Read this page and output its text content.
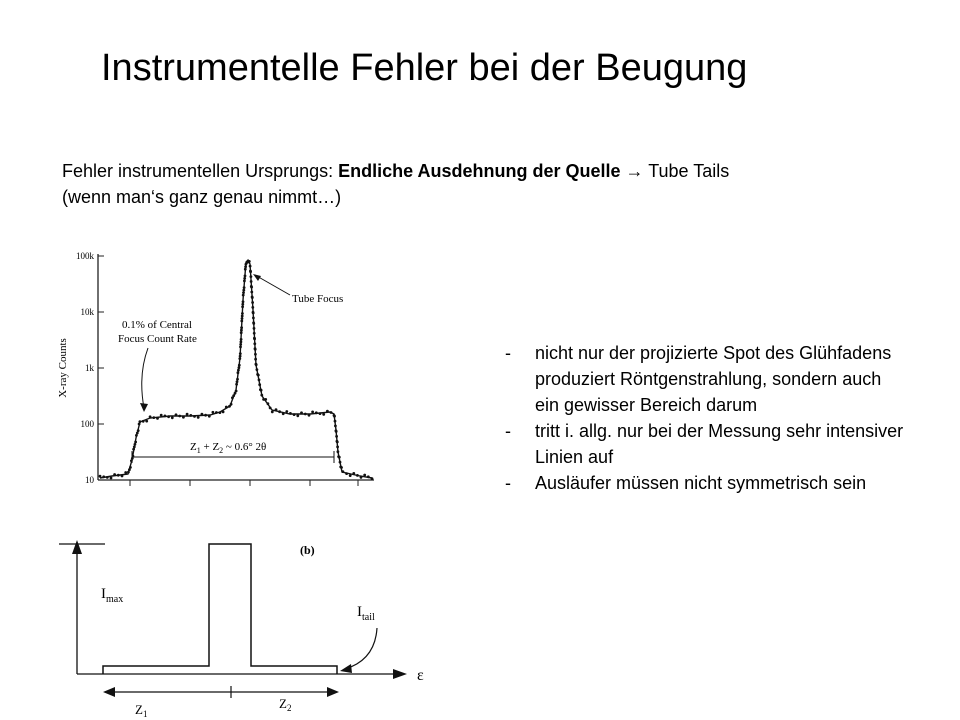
Instrumentelle Fehler bei der Beugung
Fehler instrumentellen Ursprungs: Endliche Ausdehnung der Quelle → Tube Tails
(wenn man‘s ganz genau nimmt…)
- nicht nur der projizierte Spot des Glühfadens produziert Röntgenstrahlung, sondern auch ein gewisser Bereich darum
- tritt i. allg. nur bei der Messung sehr intensiver Linien auf
- Ausläufer müssen nicht symmetrisch sein
100k
10k
1k
100
10
X-ray Counts
Tube Focus
0.1% of Central
Focus Count Rate
$Z_1 + Z_2$ ~ 0.6° 2θ
$I_{max}$
ε
(b)
$I_{tail}$
$Z_1$
$Z_2$
